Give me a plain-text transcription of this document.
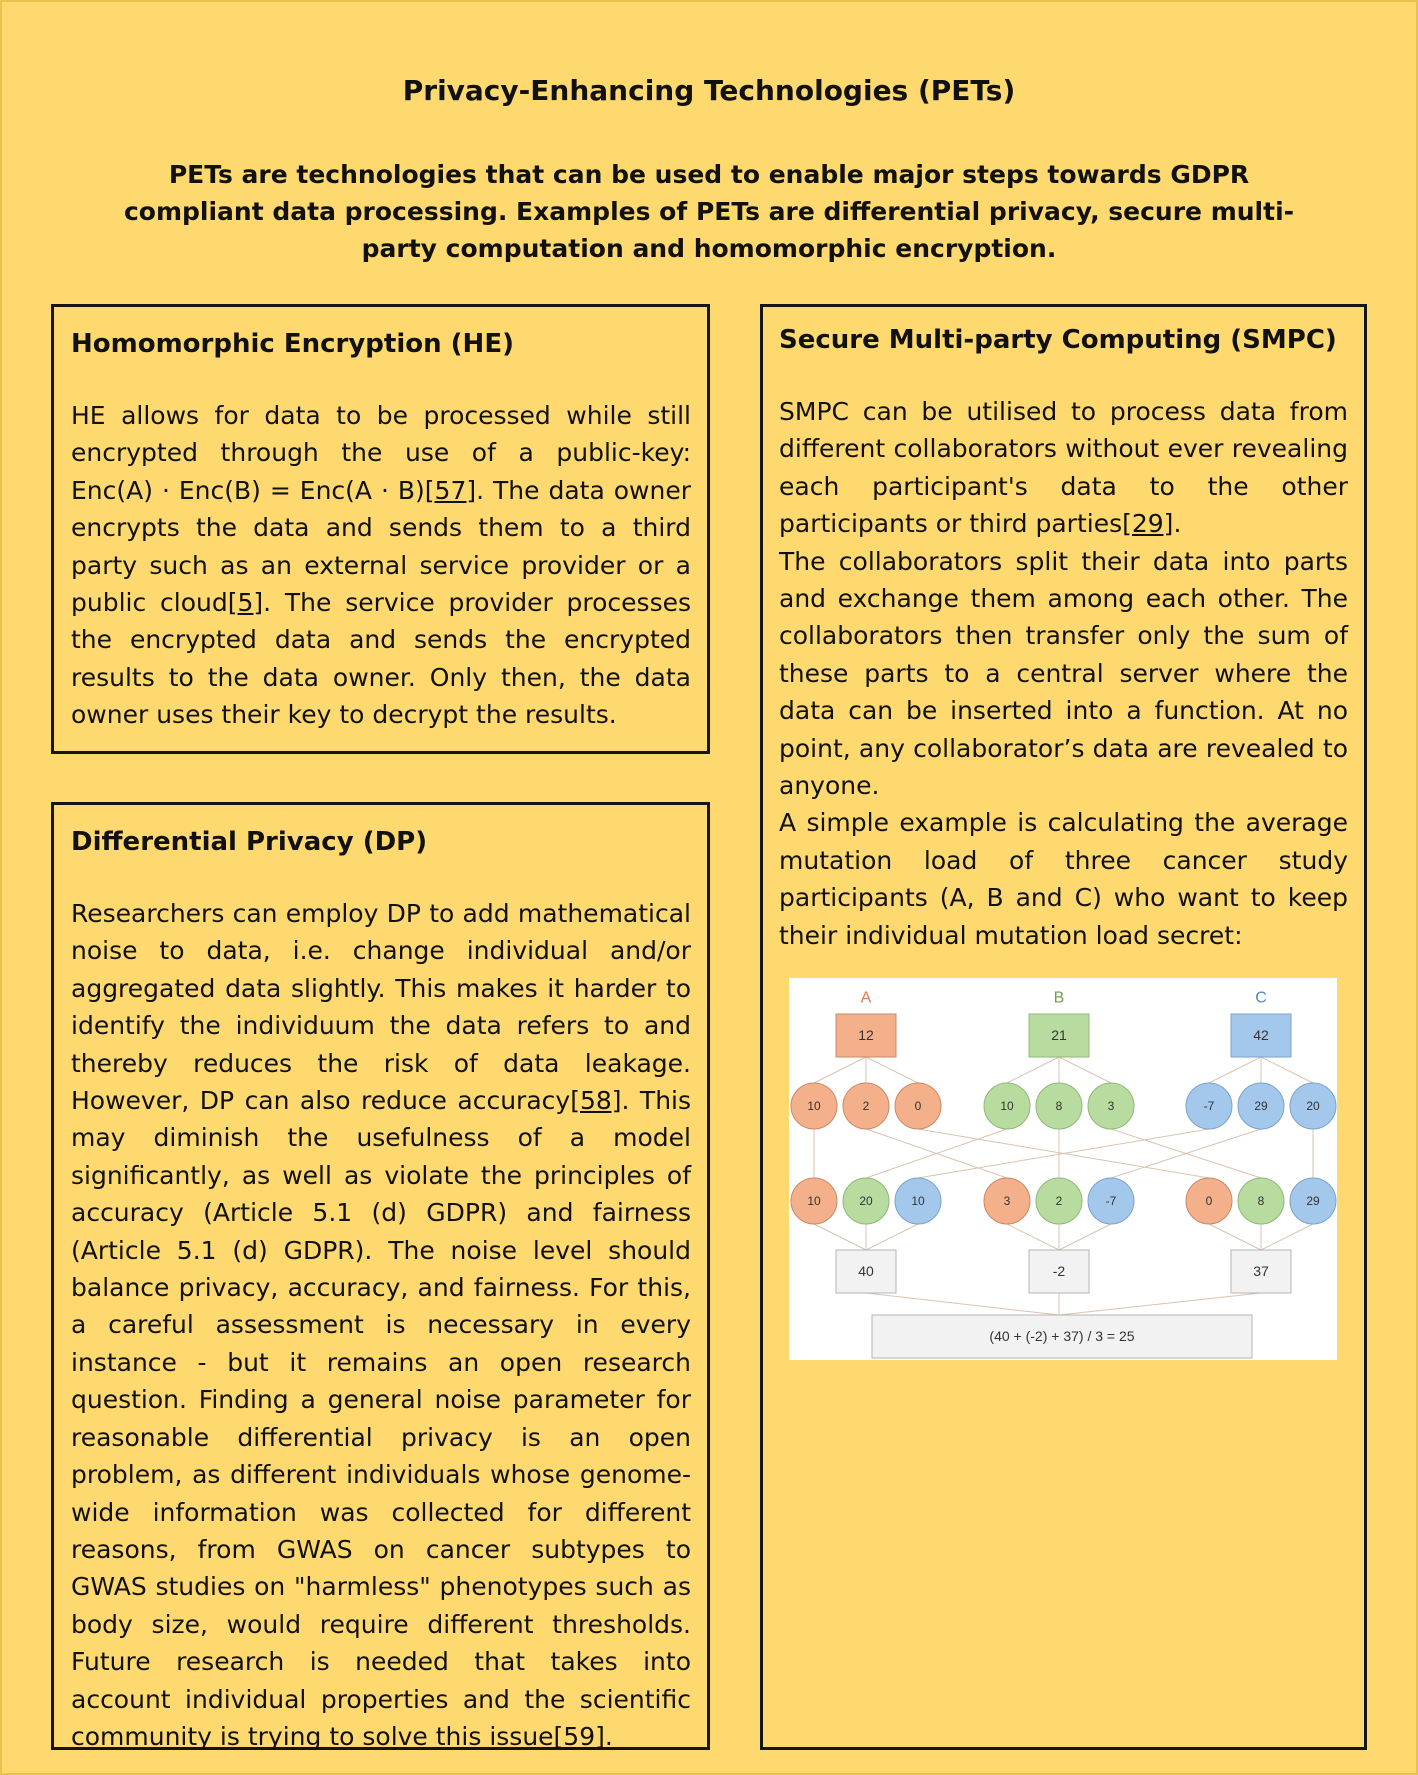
Privacy-Enhancing Technologies (PETs)
PETs are technologies that can be used to enable major steps towards GDPR compliant data processing. Examples of PETs are differential privacy, secure multi-party computation and homomorphic encryption.
Homomorphic Encryption (HE)

HE allows for data to be processed while still encrypted through the use of a public-key: Enc(A) · Enc(B) = Enc(A · B)[57]. The data owner encrypts the data and sends them to a third party such as an external service provider or a public cloud[5]. The service provider processes the encrypted data and sends the encrypted results to the data owner. Only then, the data owner uses their key to decrypt the results.

Differential Privacy (DP)

Researchers can employ DP to add mathematical noise to data, i.e. change individual and/or aggregated data slightly. This makes it harder to identify the individuum the data refers to and thereby reduces the risk of data leakage. However, DP can also reduce accuracy[58]. This may diminish the usefulness of a model significantly, as well as violate the principles of accuracy (Article 5.1 (d) GDPR) and fairness (Article 5.1 (d) GDPR). The noise level should balance privacy, accuracy, and fairness. For this, a careful assessment is necessary in every instance - but it remains an open research question. Finding a general noise parameter for reasonable differential privacy is an open problem, as different individuals whose genome-wide information was collected for different reasons, from GWAS on cancer subtypes to GWAS studies on "harmless" phenotypes such as body size, would require different thresholds. Future research is needed that takes into account individual properties and the scientific community is trying to solve this issue[59].

Secure Multi-party Computing (SMPC)

SMPC can be utilised to process data from different collaborators without ever revealing each participant's data to the other participants or third parties[29].

The collaborators split their data into parts and exchange them among each other. The collaborators then transfer only the sum of these parts to a central server where the data can be inserted into a function. At no point, any collaborator’s data are revealed to anyone.

A simple example is calculating the average mutation load of three cancer study participants (A, B and C) who want to keep their individual mutation load secret:

A
12
10	2	0
B
21
10	8	3
C
42
-7	29	20
10	20	10	3	2	-7	0	8	29
40	-2	37
(40 + (-2) + 37) / 3 = 25
